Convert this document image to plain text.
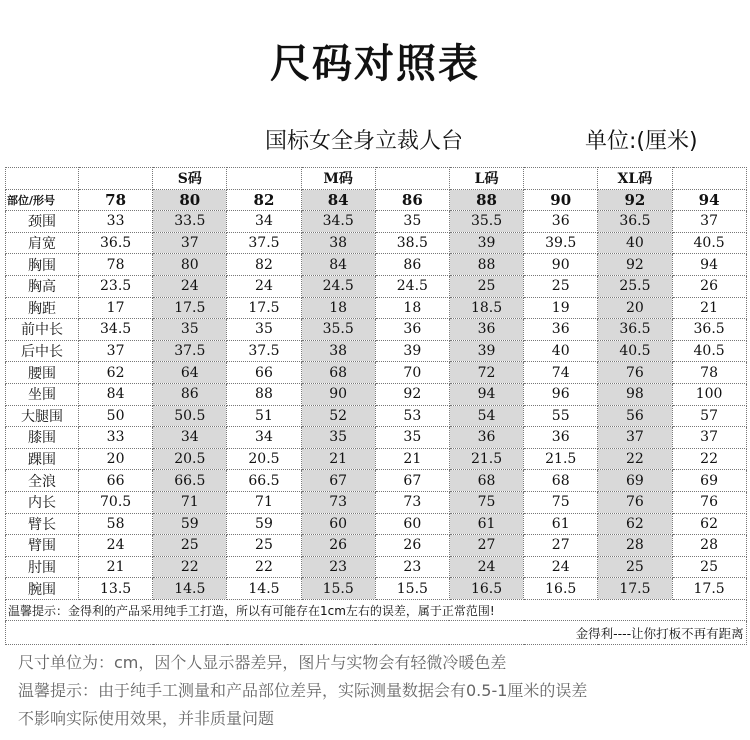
尺码对照表
国标女全身立裁人台	单位:(厘米)
		S码		M码		L码		XL码	
部位/形号	78	80	82	84	86	88	90	92	94
颈围	33	33.5	34	34.5	35	35.5	36	36.5	37
肩宽	36.5	37	37.5	38	38.5	39	39.5	40	40.5
胸围	78	80	82	84	86	88	90	92	94
胸高	23.5	24	24	24.5	24.5	25	25	25.5	26
胸距	17	17.5	17.5	18	18	18.5	19	20	21
前中长	34.5	35	35	35.5	36	36	36	36.5	36.5
后中长	37	37.5	37.5	38	39	39	40	40.5	40.5
腰围	62	64	66	68	70	72	74	76	78
坐围	84	86	88	90	92	94	96	98	100
大腿围	50	50.5	51	52	53	54	55	56	57
膝围	33	34	34	35	35	36	36	37	37
踝围	20	20.5	20.5	21	21	21.5	21.5	22	22
全浪	66	66.5	66.5	67	67	68	68	69	69
内长	70.5	71	71	73	73	75	75	76	76
臂长	58	59	59	60	60	61	61	62	62
臂围	24	25	25	26	26	27	27	28	28
肘围	21	22	22	23	23	24	24	25	25
腕围	13.5	14.5	14.5	15.5	15.5	16.5	16.5	17.5	17.5
温馨提示：金得利的产品采用纯手工打造，所以有可能存在1cm左右的误差，属于正常范围!									
金得利----让你打板不再有距离									
尺寸单位为：cm，因个人显示器差异，图片与实物会有轻微冷暖色差
温馨提示：由于纯手工测量和产品部位差异，实际测量数据会有0.5-1厘米的误差
不影响实际使用效果，并非质量问题
